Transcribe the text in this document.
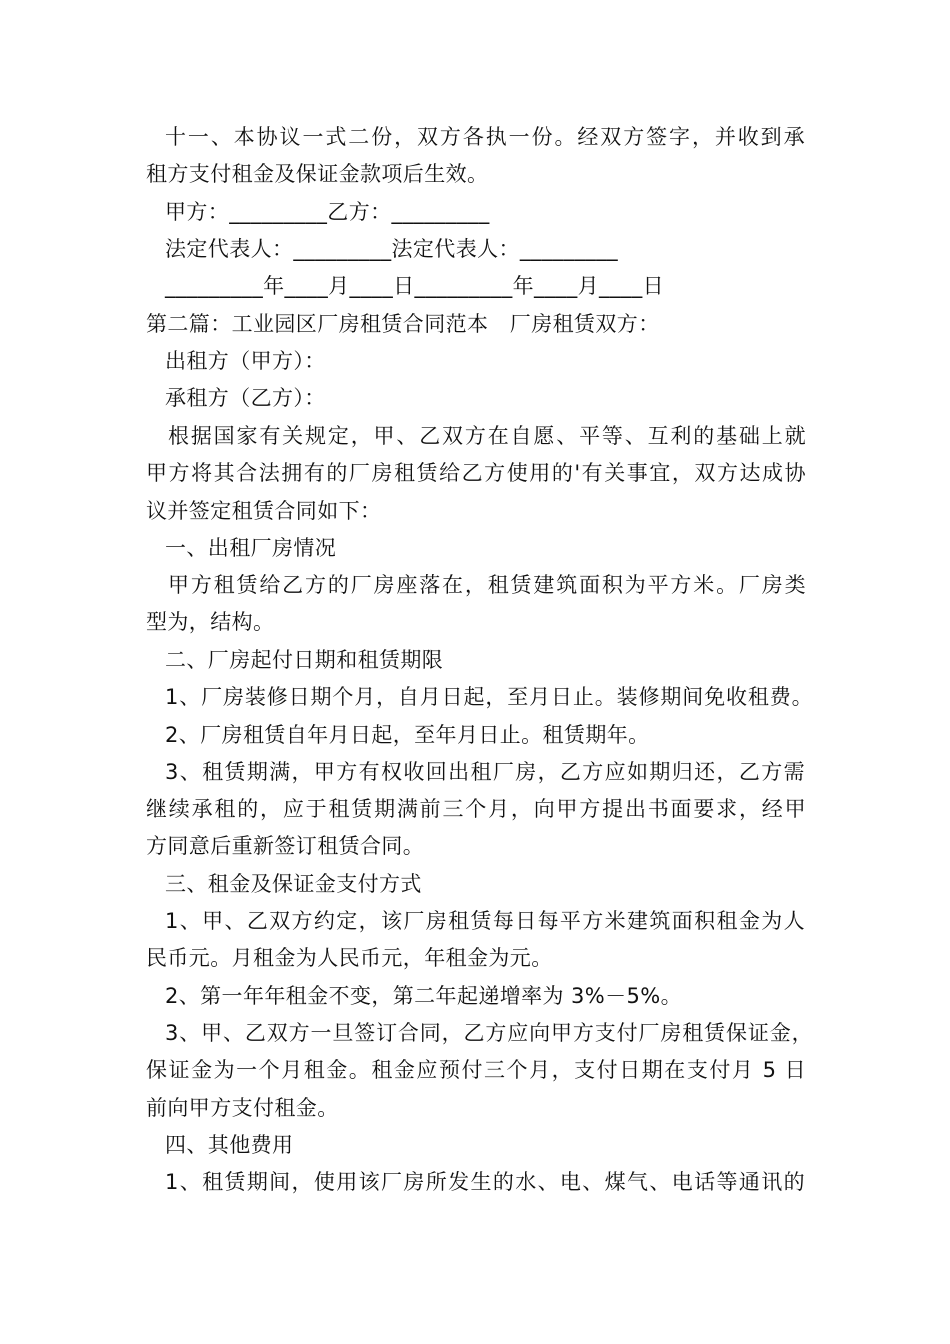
十一、本协议一式二份，双方各执一份。经双方签字，并收到承
租方支付租金及保证金款项后生效。
甲方：_________乙方：_________
法定代表人：_________法定代表人：_________
_________年____月____日_________年____月____日
第二篇：工业园区厂房租赁合同范本　厂房租赁双方：
出租方（甲方）：
承租方（乙方）：
根据国家有关规定，甲、乙双方在自愿、平等、互利的基础上就
甲方将其合法拥有的厂房租赁给乙方使用的'有关事宜，双方达成协
议并签定租赁合同如下：
一、出租厂房情况
甲方租赁给乙方的厂房座落在，租赁建筑面积为平方米。厂房类
型为，结构。
二、厂房起付日期和租赁期限
1、厂房装修日期个月，自月日起，至月日止。装修期间免收租费。
2、厂房租赁自年月日起，至年月日止。租赁期年。
3、租赁期满，甲方有权收回出租厂房，乙方应如期归还，乙方需
继续承租的，应于租赁期满前三个月，向甲方提出书面要求，经甲
方同意后重新签订租赁合同。
三、租金及保证金支付方式
1、甲、乙双方约定，该厂房租赁每日每平方米建筑面积租金为人
民币元。月租金为人民币元，年租金为元。
2、第一年年租金不变，第二年起递增率为 3%－5%。
3、甲、乙双方一旦签订合同，乙方应向甲方支付厂房租赁保证金，
保证金为一个月租金。租金应预付三个月，支付日期在支付月 5 日
前向甲方支付租金。
四、其他费用
1、租赁期间，使用该厂房所发生的水、电、煤气、电话等通讯的
